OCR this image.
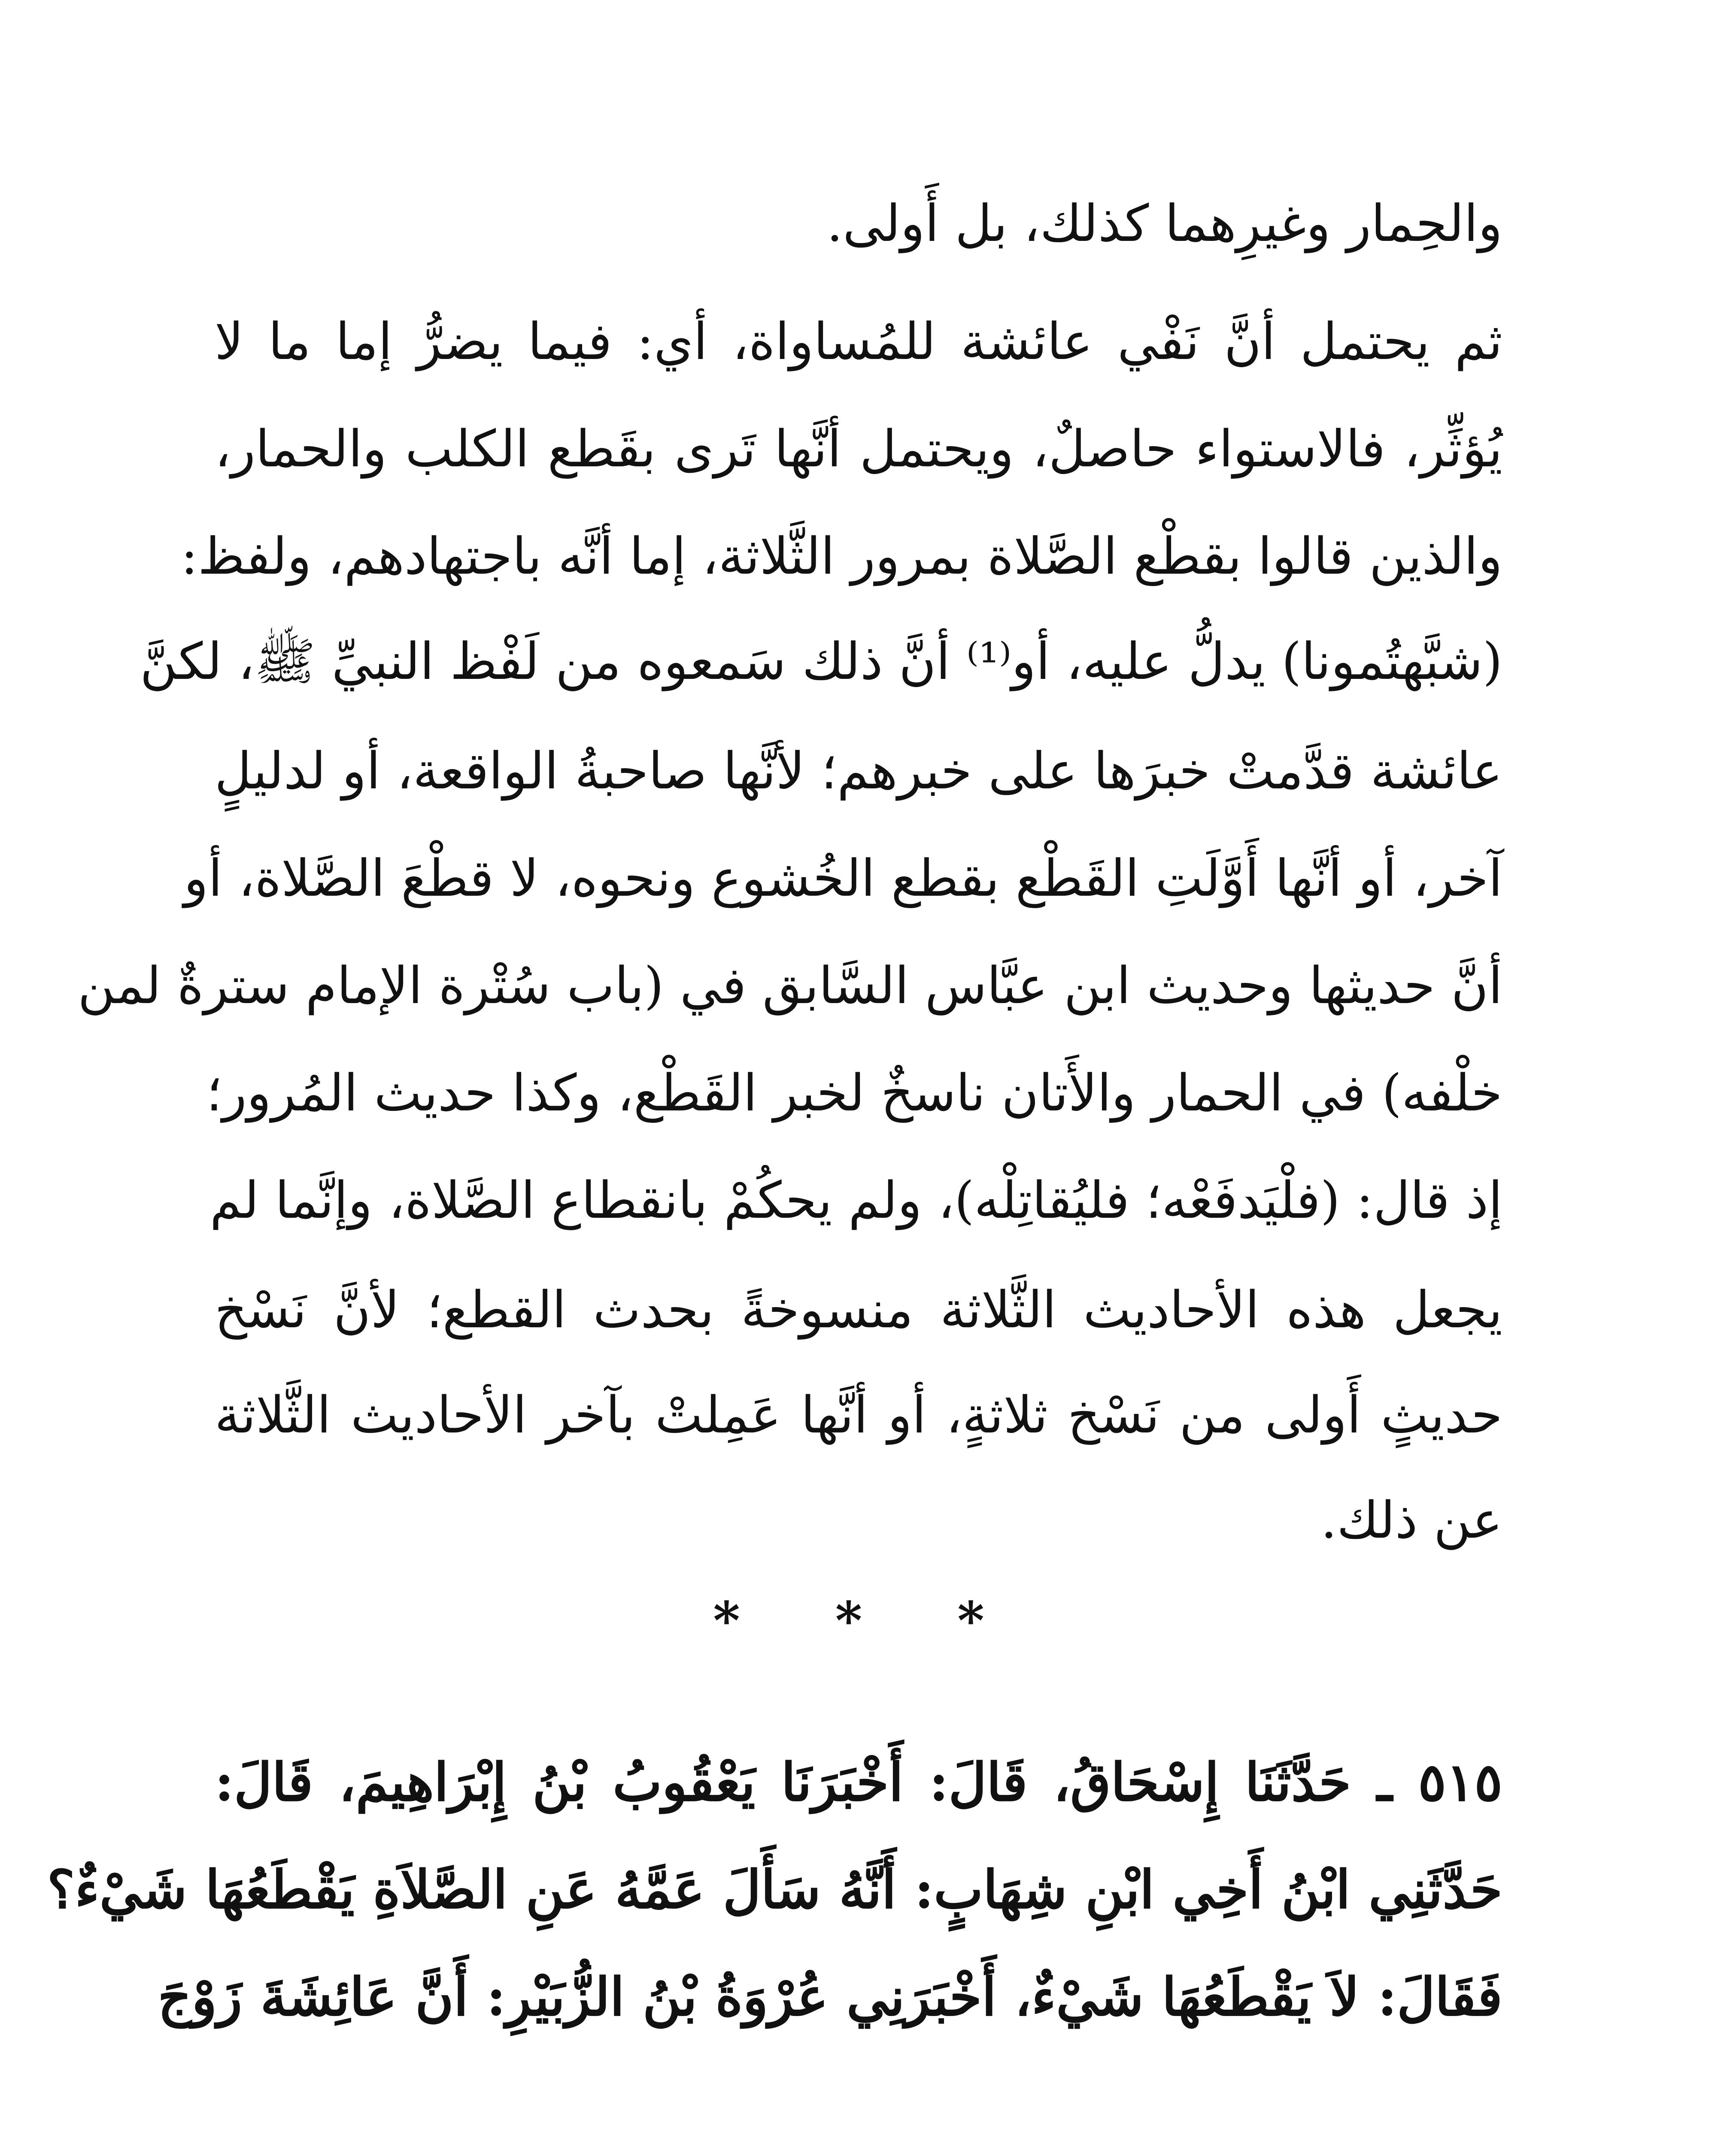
والحِمار وغيرِهما كذلك، بل أَولى.
ثم يحتمل أنَّ نَفْي عائشة للمُساواة، أي: فيما يضرُّ إما ما لا
يُؤثِّر، فالاستواء حاصلٌ، ويحتمل أنَّها تَرى بقَطع الكلب والحمار،
والذين قالوا بقطْع الصَّلاة بمرور الثَّلاثة، إما أنَّه باجتهادهم، ولفظ:
(شبَّهتُمونا) يدلُّ عليه، أو⁽¹⁾ أنَّ ذلك سَمعوه من لَفْظ النبيِّ ﷺ، لكنَّ
عائشة قدَّمتْ خبرَها على خبرهم؛ لأنَّها صاحبةُ الواقعة، أو لدليلٍ
آخر، أو أنَّها أَوَّلَتِ القَطْع بقطع الخُشوع ونحوه، لا قطْعَ الصَّلاة، أو
أنَّ حديثها وحديث ابن عبَّاس السَّابق في (باب سُتْرة الإمام سترةٌ لمن
خلْفه) في الحمار والأَتان ناسخٌ لخبر القَطْع، وكذا حديث المُرور؛
إذ قال: (فلْيَدفَعْه؛ فليُقاتِلْه)، ولم يحكُمْ بانقطاع الصَّلاة، وإنَّما لم
يجعل هذه الأحاديث الثَّلاثة منسوخةً بحدث القطع؛ لأنَّ نَسْخ
حديثٍ أَولى من نَسْخ ثلاثةٍ، أو أنَّها عَمِلتْ بآخر الأحاديث الثَّلاثة
عن ذلك.
* * *
٥١٥ ـ حَدَّثَنَا إِسْحَاقُ، قَالَ: أَخْبَرَنَا يَعْقُوبُ بْنُ إِبْرَاهِيمَ، قَالَ:
حَدَّثَنِي ابْنُ أَخِي ابْنِ شِهَابٍ: أَنَّهُ سَأَلَ عَمَّهُ عَنِ الصَّلاَةِ يَقْطَعُهَا شَيْءٌ؟
فَقَالَ: لاَ يَقْطَعُهَا شَيْءٌ، أَخْبَرَنِي عُرْوَةُ بْنُ الزُّبَيْرِ: أَنَّ عَائِشَةَ زَوْجَ
